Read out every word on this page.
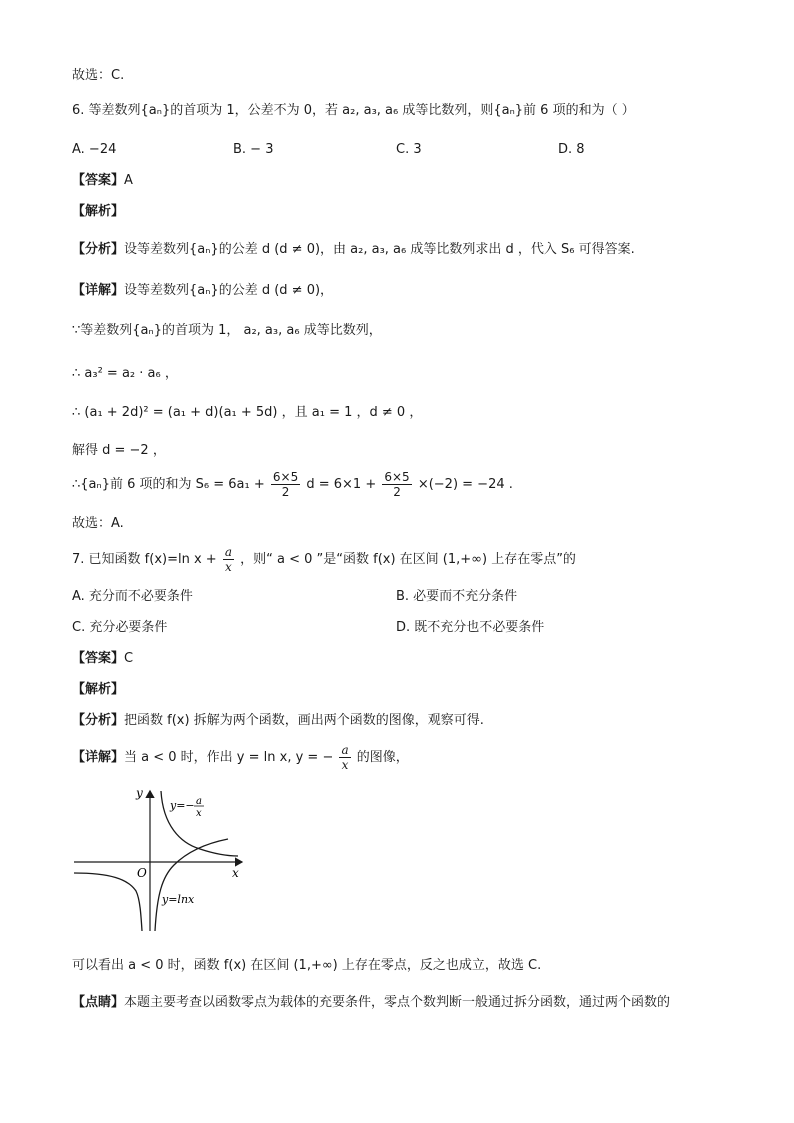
故选：C.
6. 等差数列{aₙ}的首项为 1，公差不为 0，若 a₂, a₃, a₆ 成等比数列，则{aₙ}前 6 项的和为（ ）
A. −24	B. − 3	C. 3	D. 8
【答案】A
【解析】
【分析】设等差数列{aₙ}的公差 d (d ≠ 0)，由 a₂, a₃, a₆ 成等比数列求出 d ，代入 S₆ 可得答案.
【详解】设等差数列{aₙ}的公差 d (d ≠ 0)，
∵等差数列{aₙ}的首项为 1， a₂, a₃, a₆ 成等比数列，
∴ a₃² = a₂ · a₆ ，
∴ (a₁ + 2d)² = (a₁ + d)(a₁ + 5d) ，且 a₁ = 1 ，d ≠ 0 ，
解得 d = −2 ，
∴{aₙ}前 6 项的和为 $S_6 = 6a_1 + \frac{6\times 5}{2}$ $d = 6\times 1 + \frac{6\times 5}{2} \times(-2) = -24$ .
故选：A.
7. 已知函数 f(x)=ln $x + \frac{a}{x}$ ，则“ a < 0 ”是“函数 f(x) 在区间 (1,+∞) 上存在零点”的
A. 充分而不必要条件	B. 必要而不充分条件
C. 充分必要条件	D. 既不充分也不必要条件
【答案】C
【解析】
【分析】把函数 f(x) 拆解为两个函数，画出两个函数的图像，观察可得.
【详解】当 a < 0 时，作出 y = ln x, y = − $\frac{a}{x}$ 的图像，
y
x
O
y=− a
x
y=lnx
可以看出 a < 0 时，函数 f(x) 在区间 (1,+∞) 上存在零点，反之也成立，故选 C.
【点睛】本题主要考查以函数零点为载体的充要条件，零点个数判断一般通过拆分函数，通过两个函数的
